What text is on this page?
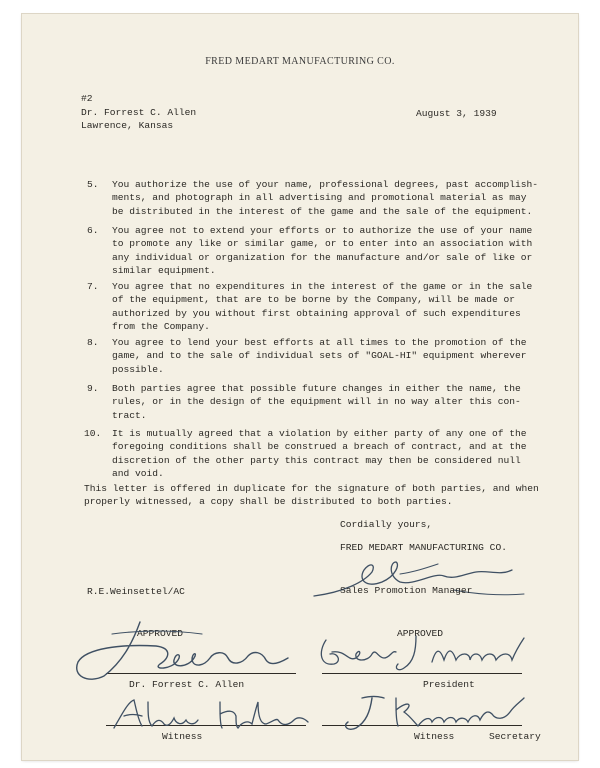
FRED MEDART MANUFACTURING CO.
#2
Dr. Forrest C. Allen
Lawrence, Kansas
August 3, 1939
5.	You authorize the use of your name, professional degrees, past accomplish-
ments, and photograph in all advertising and promotional material as may
be distributed in the interest of the game and the sale of the equipment.
6.	You agree not to extend your efforts or to authorize the use of your name
to promote any like or similar game, or to enter into an association with
any individual or organization for the manufacture and/or sale of like or
similar equipment.
7.	You agree that no expenditures in the interest of the game or in the sale
of the equipment, that are to be borne by the Company, will be made or
authorized by you without first obtaining approval of such expenditures
from the Company.
8.	You agree to lend your best efforts at all times to the promotion of the
game, and to the sale of individual sets of "GOAL-HI" equipment wherever
possible.
9.	Both parties agree that possible future changes in either the name, the
rules, or in the design of the equipment will in no way alter this con-
tract.
10.	It is mutually agreed that a violation by either party of any one of the
foregoing conditions shall be construed a breach of contract, and at the
discretion of the other party this contract may then be considered null
and void.
This letter is offered in duplicate for the signature of both parties, and when
properly witnessed, a copy shall be distributed to both parties.
Cordially yours,
FRED MEDART MANUFACTURING CO.
Sales Promotion Manager
R.E.Weinsettel/AC
APPROVED	APPROVED
Dr. Forrest C. Allen	President
Witness	Witness	Secretary
